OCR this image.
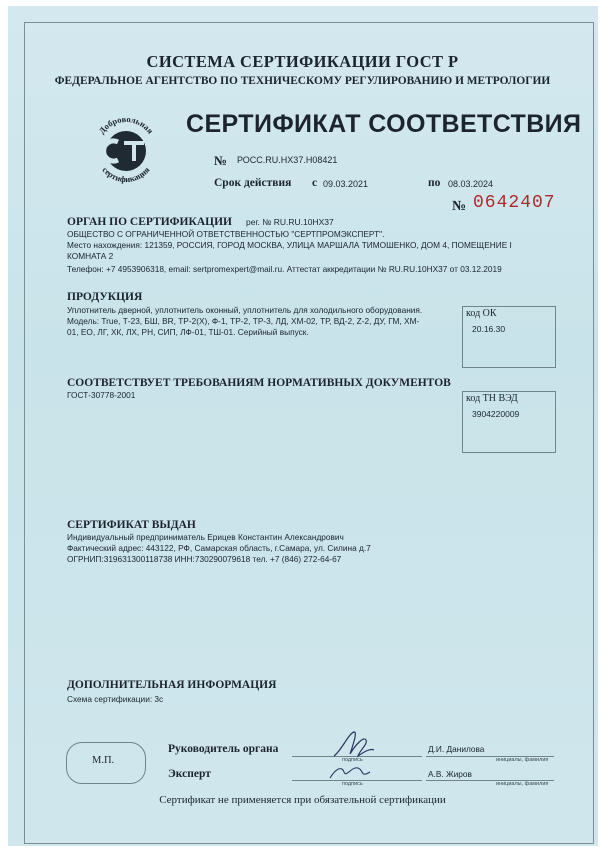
СИСТЕМА СЕРТИФИКАЦИИ ГОСТ Р
ФЕДЕРАЛЬНОЕ АГЕНТСТВО ПО ТЕХНИЧЕСКОМУ РЕГУЛИРОВАНИЮ И МЕТРОЛОГИИ
Добровольная
сертификация
СЕРТИФИКАТ СООТВЕТСТВИЯ
№ РОСС.RU.НХ37.Н08421
Срок действия с 09.03.2021	по 08.03.2024
№ 0642407
ОРГАН ПО СЕРТИФИКАЦИИ рег. № RU.RU.10НХ37
ОБЩЕСТВО С ОГРАНИЧЕННОЙ ОТВЕТСТВЕННОСТЬЮ "СЕРТПРОМЭКСПЕРТ".
Место нахождения: 121359, РОССИЯ, ГОРОД МОСКВА, УЛИЦА МАРШАЛА ТИМОШЕНКО, ДОМ 4, ПОМЕЩЕНИЕ I
КОМНАТА 2
Телефон: +7 4953906318, email: sertpromexpert@mail.ru. Аттестат аккредитации № RU.RU.10НХ37 от 03.12.2019
ПРОДУКЦИЯ
Уплотнитель дверной, уплотнитель оконный, уплотнитель для холодильного оборудования.
Модель: True, Т-23, БШ, BR, ТР-2(Х), Ф-1, ТР-2, ТР-3, ЛД, ХМ-02, ТР, ВД-2, Z-2, ДУ, ГМ, ХМ-
01, ЕО, ЛГ, ХК, ЛХ, РН, СИП, ЛФ-01, ТШ-01. Серийный выпуск.
код ОК
20.16.30
СООТВЕТСТВУЕТ ТРЕБОВАНИЯМ НОРМАТИВНЫХ ДОКУМЕНТОВ
ГОСТ-30778-2001	код ТН ВЭД
3904220009
СЕРТИФИКАТ ВЫДАН
Индивидуальный предприниматель Ерицев Константин Александрович
Фактический адрес: 443122, РФ, Самарская область, г.Самара, ул. Силина д.7
ОГРНИП:319631300118738 ИНН:730290079618 тел. +7 (846) 272-64-67
ДОПОЛНИТЕЛЬНАЯ ИНФОРМАЦИЯ
Схема сертификации: 3с
М.П.
Руководитель органа
подпись
Д.И. Данилова
инициалы, фамилия
Эксперт
подпись
А.В. Жиров
инициалы, фамилия
Сертификат не применяется при обязательной сертификации
